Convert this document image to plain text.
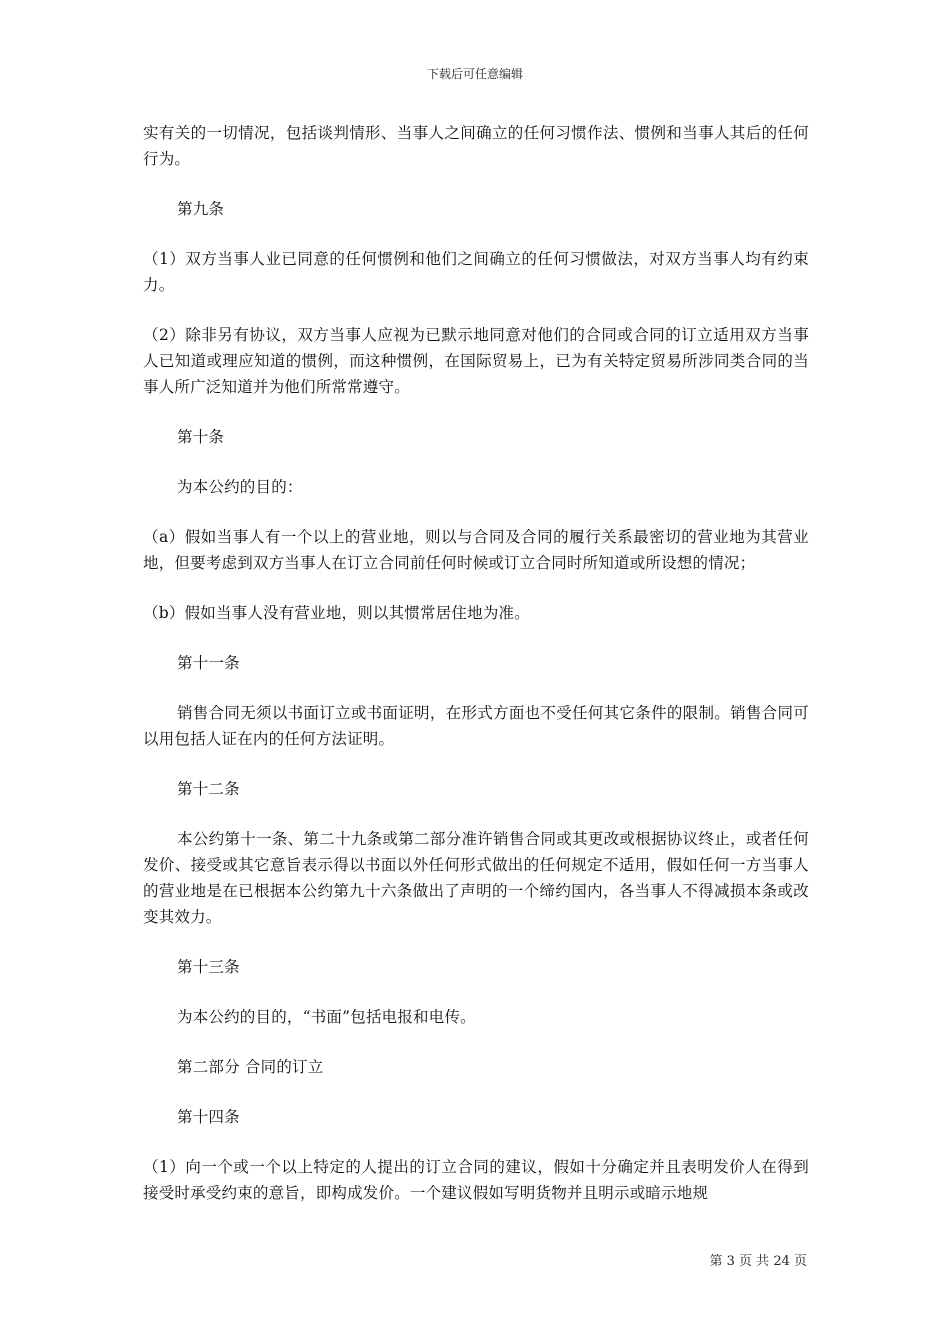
下载后可任意编辑

实有关的一切情况，包括谈判情形、当事人之间确立的任何习惯作法、惯例和当事人其后的任何行为。

第九条

（1）双方当事人业已同意的任何惯例和他们之间确立的任何习惯做法，对双方当事人均有约束力。

（2）除非另有协议，双方当事人应视为已默示地同意对他们的合同或合同的订立适用双方当事人已知道或理应知道的惯例，而这种惯例，在国际贸易上，已为有关特定贸易所涉同类合同的当事人所广泛知道并为他们所常常遵守。

第十条

为本公约的目的：

（a）假如当事人有一个以上的营业地，则以与合同及合同的履行关系最密切的营业地为其营业地，但要考虑到双方当事人在订立合同前任何时候或订立合同时所知道或所设想的情况；

（b）假如当事人没有营业地，则以其惯常居住地为准。

第十一条

销售合同无须以书面订立或书面证明，在形式方面也不受任何其它条件的限制。销售合同可以用包括人证在内的任何方法证明。

第十二条

本公约第十一条、第二十九条或第二部分准许销售合同或其更改或根据协议终止，或者任何发价、接受或其它意旨表示得以书面以外任何形式做出的任何规定不适用，假如任何一方当事人的营业地是在已根据本公约第九十六条做出了声明的一个缔约国内，各当事人不得减损本条或改变其效力。

第十三条

为本公约的目的，“书面”包括电报和电传。

第二部分 合同的订立

第十四条

（1）向一个或一个以上特定的人提出的订立合同的建议，假如十分确定并且表明发价人在得到接受时承受约束的意旨，即构成发价。一个建议假如写明货物并且明示或暗示地规

第 3 页 共 24 页
